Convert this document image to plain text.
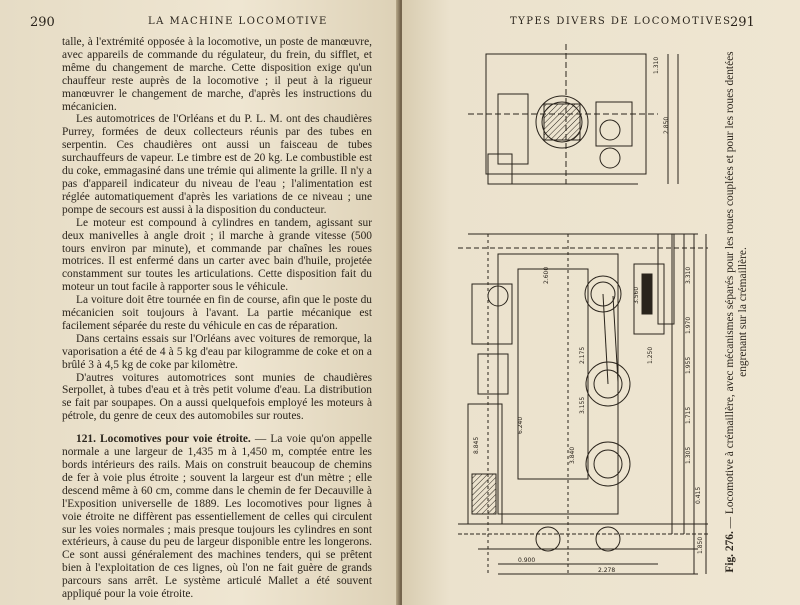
290	LA MACHINE LOCOMOTIVE

talle, à l'extrémité opposée à la locomotive, un poste de manœuvre, avec appareils de commande du régulateur, du frein, du sifflet, et même du changement de marche. Cette disposition exige qu'un chauffeur reste auprès de la locomotive ; il peut à la rigueur manœuvrer le changement de marche, d'après les instructions du mécanicien.

Les automotrices de l'Orléans et du P. L. M. ont des chaudières Purrey, formées de deux collecteurs réunis par des tubes en serpentin. Ces chaudières ont aussi un faisceau de tubes surchauffeurs de vapeur. Le timbre est de 20 kg. Le combustible est du coke, emmagasiné dans une trémie qui alimente la grille. Il n'y a pas d'appareil indicateur du niveau de l'eau ; l'alimentation est réglée automatiquement d'après les variations de ce niveau ; une pompe de secours est aussi à la disposition du conducteur.

Le moteur est compound à cylindres en tandem, agissant sur deux manivelles à angle droit ; il marche à grande vitesse (500 tours environ par minute), et commande par chaînes les roues motrices. Il est enfermé dans un carter avec bain d'huile, projetée constamment sur toutes les articulations. Cette disposition fait du moteur un tout facile à rapporter sous le véhicule.

La voiture doit être tournée en fin de course, afin que le poste du mécanicien soit toujours à l'avant. La partie mécanique est facilement séparée du reste du véhicule en cas de réparation.

Dans certains essais sur l'Orléans avec voitures de remorque, la vaporisation a été de 4 à 5 kg d'eau par kilogramme de coke et on a brûlé 3 à 4,5 kg de coke par kilomètre.

D'autres voitures automotrices sont munies de chaudières Serpollet, à tubes d'eau et à très petit volume d'eau. La distribution se fait par soupapes. On a aussi quelquefois employé les moteurs à pétrole, du genre de ceux des automobiles sur routes.

121. Locomotives pour voie étroite. — La voie qu'on appelle normale a une largeur de 1,435 m à 1,450 m, comptée entre les bords intérieurs des rails. Mais on construit beaucoup de chemins de fer à voie plus étroite ; souvent la largeur est d'un mètre ; elle descend même à 60 cm, comme dans le chemin de fer Decauville à l'Exposition universelle de 1889. Les locomotives pour lignes à voie étroite ne diffèrent pas essentiellement de celles qui circulent sur les voies normales ; mais presque toujours les cylindres en sont extérieurs, à cause du peu de largeur disponible entre les longerons. Ce sont aussi généralement des machines tenders, qui se prêtent bien à l'exploitation de ces lignes, où l'on ne fait guère de grands parcours sans arrêt. Le système articulé Mallet a été souvent appliqué pour la voie étroite.

TYPES DIVERS DE LOCOMOTIVES
291
1.310
2.850
3.310
1.970
1.955
1.715
1.305
0.415
1.850
2.175
3.155
3.840
6.240
8.845
2.600
3.560
1.250
0.900
2.278	Fig. 276. — Locomotive à crémaillère, avec mécanismes séparés pour les roues couplées et pour les roues dentées engrenant sur la crémaillère.
